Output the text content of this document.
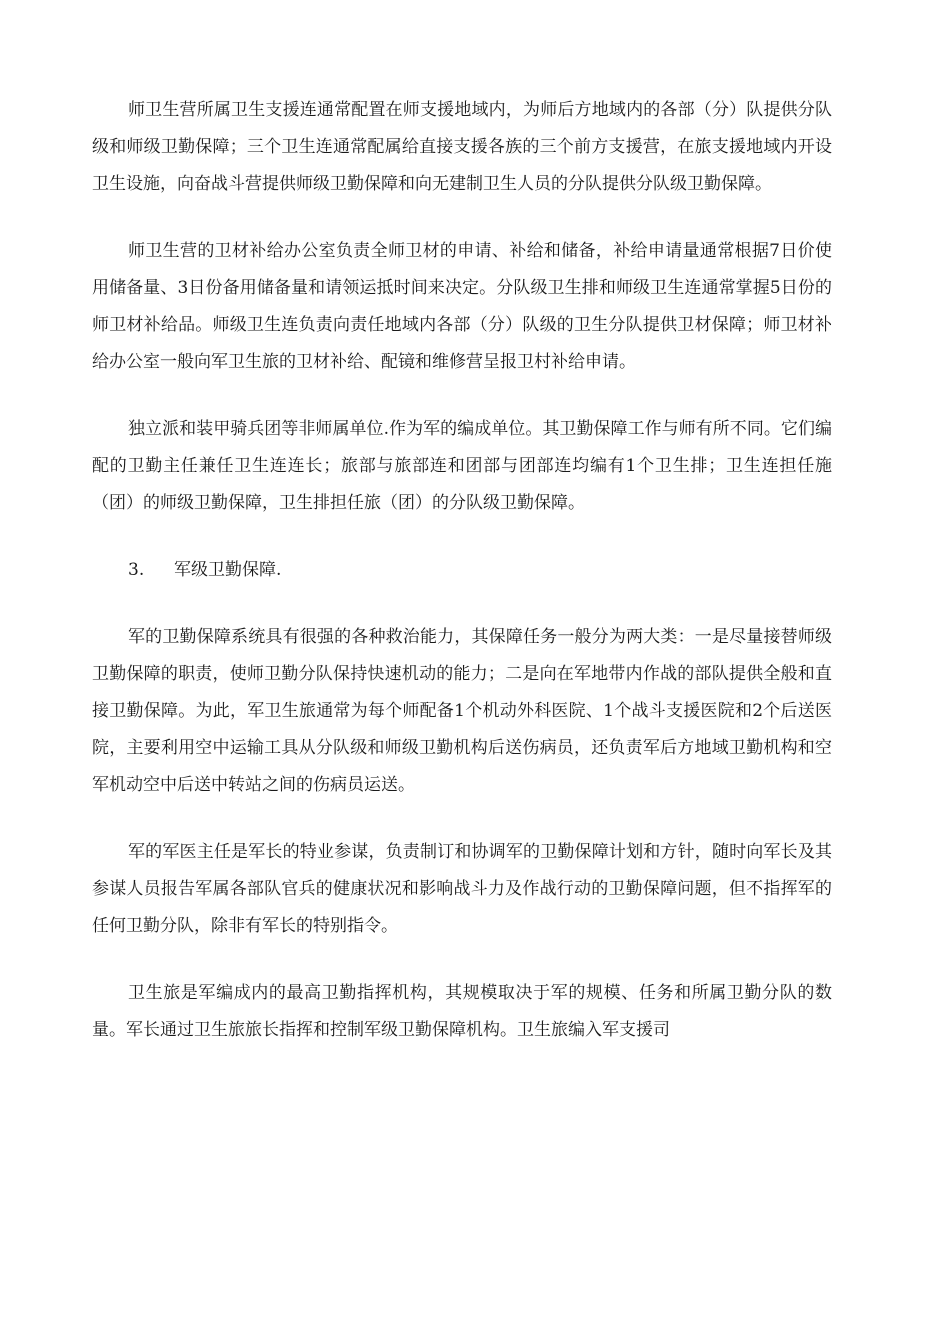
师卫生营所属卫生支援连通常配置在师支援地域内，为师后方地域内的各部（分）队提供分队级和师级卫勤保障；三个卫生连通常配属给直接支援各族的三个前方支援营，在旅支援地域内开设卫生设施，向奋战斗营提供师级卫勤保障和向无建制卫生人员的分队提供分队级卫勤保障。

师卫生营的卫材补给办公室负责全师卫材的申请、补给和储备，补给申请量通常根据7日价使用储备量、3日份备用储备量和请领运抵时间来决定。分队级卫生排和师级卫生连通常掌握5日份的师卫材补给品。师级卫生连负责向责任地域内各部（分）队级的卫生分队提供卫材保障；师卫材补给办公室一般向军卫生旅的卫材补给、配镜和维修营呈报卫村补给申请。

独立派和装甲骑兵团等非师属单位.作为军的编成单位。其卫勤保障工作与师有所不同。它们编配的卫勤主任兼任卫生连连长；旅部与旅部连和团部与团部连均编有1个卫生排；卫生连担任施（团）的师级卫勤保障，卫生排担任旅（团）的分队级卫勤保障。

3. 军级卫勤保障.

军的卫勤保障系统具有很强的各种救治能力，其保障任务一般分为两大类：一是尽量接替师级卫勤保障的职责，使师卫勤分队保持快速机动的能力；二是向在军地带内作战的部队提供全般和直接卫勤保障。为此，军卫生旅通常为每个师配备1个机动外科医院、1个战斗支援医院和2个后送医院，主要利用空中运输工具从分队级和师级卫勤机构后送伤病员，还负责军后方地域卫勤机构和空军机动空中后送中转站之间的伤病员运送。

军的军医主任是军长的特业参谋，负责制订和协调军的卫勤保障计划和方针，随时向军长及其参谋人员报告军属各部队官兵的健康状况和影响战斗力及作战行动的卫勤保障问题，但不指挥军的任何卫勤分队，除非有军长的特别指令。

卫生旅是军编成内的最高卫勤指挥机构，其规模取决于军的规模、任务和所属卫勤分队的数量。军长通过卫生旅旅长指挥和控制军级卫勤保障机构。卫生旅编入军支援司
